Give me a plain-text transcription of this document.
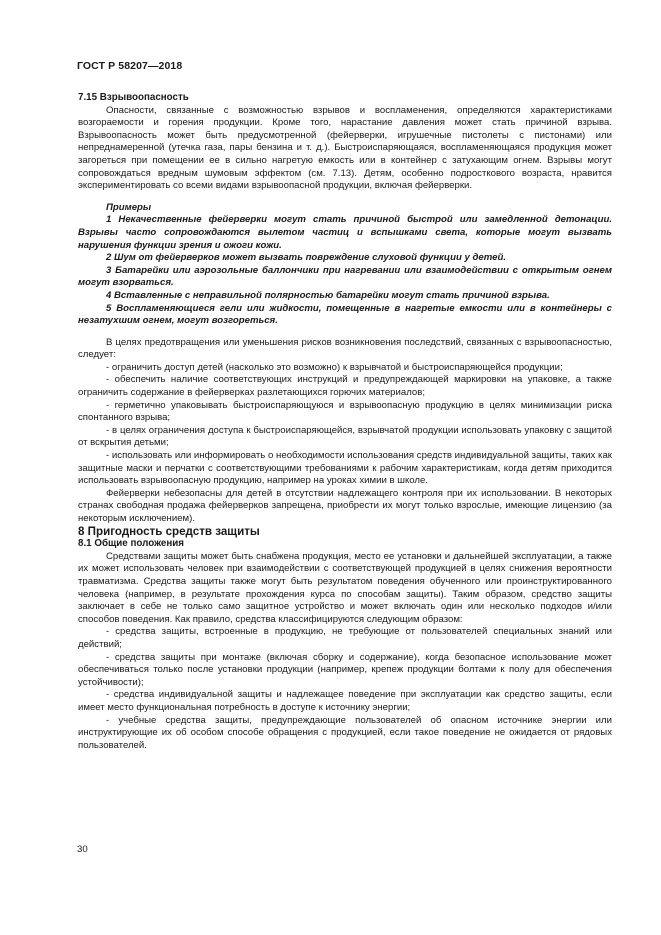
ГОСТ Р 58207—2018

7.15 Взрывоопасность

Опасности, связанные с возможностью взрывов и воспламенения, определяются характеристиками возгораемости и горения продукции. Кроме того, нарастание давления может стать причиной взрыва. Взрывоопасность может быть предусмотренной (фейерверки, игрушечные пистолеты с пистонами) или непреднамеренной (утечка газа, пары бензина и т. д.). Быстроиспаряющаяся, воспламеняющаяся продукция может загореться при помещении ее в сильно нагретую емкость или в контейнер с затухающим огнем. Взрывы могут сопровождаться вредным шумовым эффектом (см. 7.13). Детям, особенно подросткового возраста, нравится экспериментировать со всеми видами взрывоопасной продукции, включая фейерверки.

Примеры

1 Некачественные фейерверки могут стать причиной быстрой или замедленной детонации. Взрывы часто сопровождаются вылетом частиц и вспышками света, которые могут вызвать нарушения функции зрения и ожоги кожи.

2 Шум от фейерверков может вызвать повреждение слуховой функции у детей.

3 Батарейки или аэрозольные баллончики при нагревании или взаимодействии с открытым огнем могут взорваться.

4 Вставленные с неправильной полярностью батарейки могут стать причиной взрыва.

5 Воспламеняющиеся гели или жидкости, помещенные в нагретые емкости или в контейнеры с незатухшим огнем, могут возгореться.

В целях предотвращения или уменьшения рисков возникновения последствий, связанных с взрывоопасностью, следует:

- ограничить доступ детей (насколько это возможно) к взрывчатой и быстроиспаряющейся продукции;

- обеспечить наличие соответствующих инструкций и предупреждающей маркировки на упаковке, а также ограничить содержание в фейерверках разлетающихся горючих материалов;

- герметично упаковывать быстроиспаряющуюся и взрывоопасную продукцию в целях минимизации риска спонтанного взрыва;

- в целях ограничения доступа к быстроиспаряющейся, взрывчатой продукции использовать упаковку с защитой от вскрытия детьми;

- использовать или информировать о необходимости использования средств индивидуальной защиты, таких как защитные маски и перчатки с соответствующими требованиями к рабочим характеристикам, когда детям приходится использовать взрывоопасную продукцию, например на уроках химии в школе.

Фейерверки небезопасны для детей в отсутствии надлежащего контроля при их использовании. В некоторых странах свободная продажа фейерверков запрещена, приобрести их могут только взрослые, имеющие лицензию (за некоторым исключением).

8 Пригодность средств защиты

8.1 Общие положения

Средствами защиты может быть снабжена продукция, место ее установки и дальнейшей эксплуатации, а также их может использовать человек при взаимодействии с соответствующей продукцией в целях снижения вероятности травматизма. Средства защиты также могут быть результатом поведения обученного или проинструктированного человека (например, в результате прохождения курса по способам защиты). Таким образом, средство защиты заключает в себе не только само защитное устройство и может включать один или несколько подходов и/или способов поведения. Как правило, средства классифицируются следующим образом:

- средства защиты, встроенные в продукцию, не требующие от пользователей специальных знаний или действий;

- средства защиты при монтаже (включая сборку и содержание), когда безопасное использование может обеспечиваться только после установки продукции (например, крепеж продукции болтами к полу для обеспечения устойчивости);

- средства индивидуальной защиты и надлежащее поведение при эксплуатации как средство защиты, если имеет место функциональная потребность в доступе к источнику энергии;

- учебные средства защиты, предупреждающие пользователей об опасном источнике энергии или инструктирующие их об особом способе обращения с продукцией, если такое поведение не ожидается от рядовых пользователей.

30
